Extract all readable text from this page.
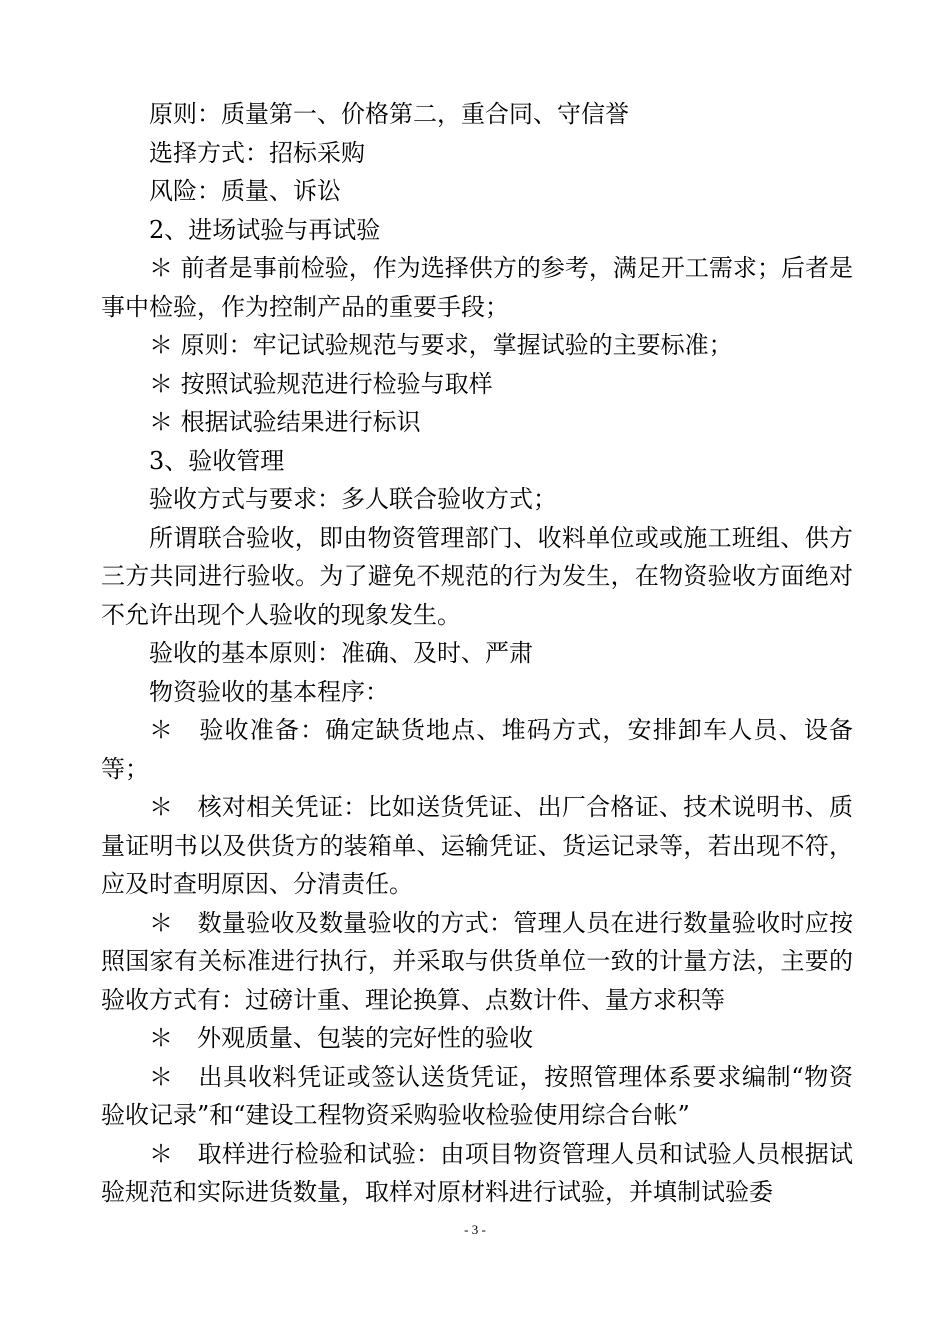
原则：质量第一、价格第二，重合同、守信誉

选择方式：招标采购

风险：质量、诉讼

2、进场试验与再试验

＊ 前者是事前检验，作为选择供方的参考，满足开工需求；后者是事中检验，作为控制产品的重要手段；

＊ 原则：牢记试验规范与要求，掌握试验的主要标准；

＊ 按照试验规范进行检验与取样

＊ 根据试验结果进行标识

3、验收管理

验收方式与要求：多人联合验收方式；

所谓联合验收，即由物资管理部门、收料单位或或施工班组、供方三方共同进行验收。为了避免不规范的行为发生，在物资验收方面绝对不允许出现个人验收的现象发生。

验收的基本原则：准确、及时、严肃

物资验收的基本程序：

＊　验收准备：确定缺货地点、堆码方式，安排卸车人员、设备等；

＊　核对相关凭证：比如送货凭证、出厂合格证、技术说明书、质量证明书以及供货方的装箱单、运输凭证、货运记录等，若出现不符，应及时查明原因、分清责任。

＊　数量验收及数量验收的方式：管理人员在进行数量验收时应按照国家有关标准进行执行，并采取与供货单位一致的计量方法，主要的验收方式有：过磅计重、理论换算、点数计件、量方求积等

＊　外观质量、包装的完好性的验收

＊　出具收料凭证或签认送货凭证，按照管理体系要求编制“物资验收记录”和“建设工程物资采购验收检验使用综合台帐”

＊　取样进行检验和试验：由项目物资管理人员和试验人员根据试验规范和实际进货数量，取样对原材料进行试验，并填制试验委

- 3 -
